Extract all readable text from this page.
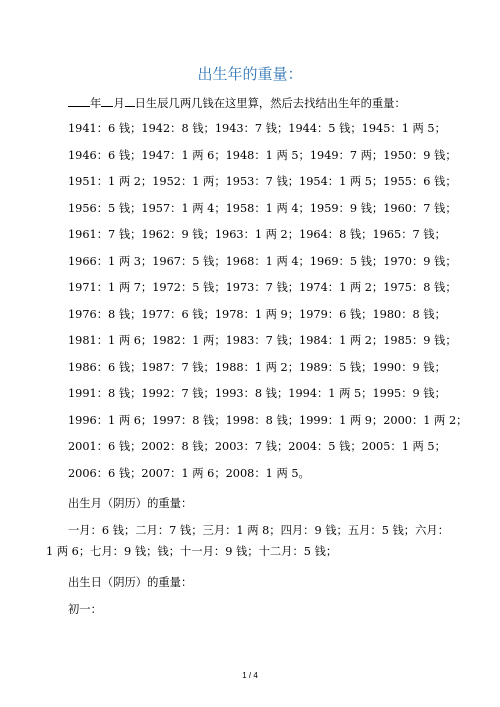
出生年的重量：
年 月 日生辰几两几钱在这里算，然后去找结出生年的重量：
1941：6 钱；1942：8 钱；1943：7 钱；1944：5 钱；1945：1 两 5；
1946：6 钱；1947：1 两 6；1948：1 两 5；1949：7 两；1950：9 钱；
1951：1 两 2；1952：1 两；1953：7 钱；1954：1 两 5；1955：6 钱；
1956：5 钱；1957：1 两 4；1958：1 两 4；1959：9 钱；1960：7 钱；
1961：7 钱；1962：9 钱；1963：1 两 2；1964：8 钱；1965：7 钱；
1966：1 两 3；1967：5 钱；1968：1 两 4；1969：5 钱；1970：9 钱；
1971：1 两 7；1972：5 钱；1973：7 钱；1974：1 两 2；1975：8 钱；
1976：8 钱；1977：6 钱；1978：1 两 9；1979：6 钱；1980：8 钱；
1981：1 两 6；1982：1 两；1983：7 钱；1984：1 两 2；1985：9 钱；
1986：6 钱；1987：7 钱；1988：1 两 2；1989：5 钱；1990：9 钱；
1991：8 钱；1992：7 钱；1993：8 钱；1994：1 两 5；1995：9 钱；
1996：1 两 6；1997：8 钱；1998：8 钱；1999：1 两 9；2000：1 两 2；
2001：6 钱；2002：8 钱；2003：7 钱；2004：5 钱；2005：1 两 5；
2006：6 钱；2007：1 两 6；2008：1 两 5。
出生月（阴历）的重量：
一月：6 钱；二月：7 钱；三月：1 两 8；四月：9 钱；五月：5 钱；六月：
1 两 6；七月：9 钱；钱；十一月：9 钱；十二月：5 钱；
出生日（阴历）的重量：
初一：
1 / 4
